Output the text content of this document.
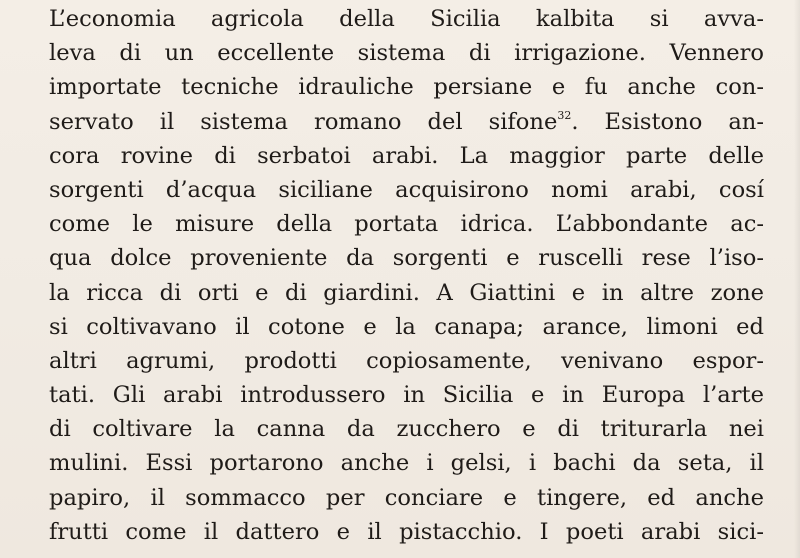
L’economia agricola della Sicilia kalbita si avva-
leva di un eccellente sistema di irrigazione. Vennero
importate tecniche idrauliche persiane e fu anche con-
servato il sistema romano del sifone$^{32}$. Esistono an-
cora rovine di serbatoi arabi. La maggior parte delle
sorgenti d’acqua siciliane acquisirono nomi arabi, cosí
come le misure della portata idrica. L’abbondante ac-
qua dolce proveniente da sorgenti e ruscelli rese l’iso-
la ricca di orti e di giardini. A Giattini e in altre zone
si coltivavano il cotone e la canapa; arance, limoni ed
altri agrumi, prodotti copiosamente, venivano espor-
tati. Gli arabi introdussero in Sicilia e in Europa l’arte
di coltivare la canna da zucchero e di triturarla nei
mulini. Essi portarono anche i gelsi, i bachi da seta, il
papiro, il sommacco per conciare e tingere, ed anche
frutti come il dattero e il pistacchio. I poeti arabi sici-
